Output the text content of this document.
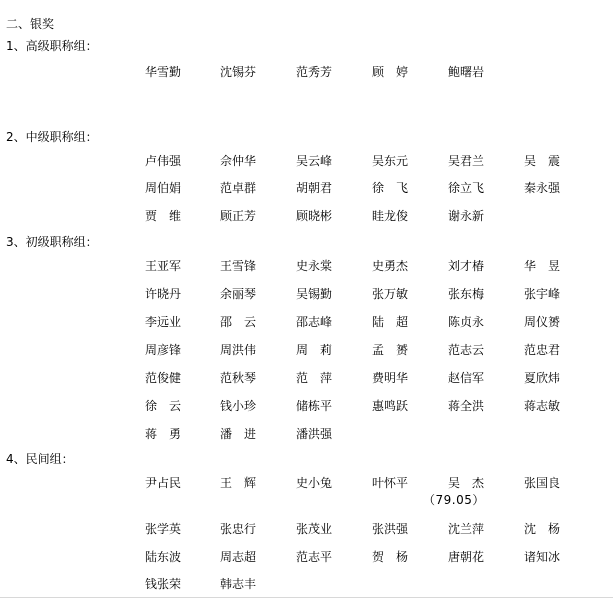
二、银奖
1、高级职称组：
华雪勤	沈锡芬	范秀芳	顾　婷	鲍曙岩
2、中级职称组：
卢伟强	佘仲华	吴云峰	吴东元	吴君兰	吴　震
周伯娟	范卓群	胡朝君	徐　飞	徐立飞	秦永强
贾　维	顾正芳	顾晓彬	眭龙俊	谢永新
3、初级职称组：
王亚军	王雪锋	史永棠	史勇杰	刘才椿	华　昱
许晓丹	余丽琴	吴锡勤	张万敏	张东梅	张宇峰
李远业	邵　云	邵志峰	陆　超	陈贞永	周仪赟
周彦锋	周洪伟	周　莉	孟　赟	范志云	范忠君
范俊健	范秋琴	范　萍	费明华	赵信军	夏欣炜
徐　云	钱小珍	储栋平	惠鸣跃	蒋全洪	蒋志敏
蒋　勇	潘　进	潘洪强
4、民间组：
尹占民	王　辉	史小兔	叶怀平	吴　杰	张国良
（79.05）
张学英	张忠行	张茂业	张洪强	沈兰萍	沈　杨
陆东波	周志超	范志平	贺　杨	唐朝花	诸知冰
钱张荣	韩志丰
